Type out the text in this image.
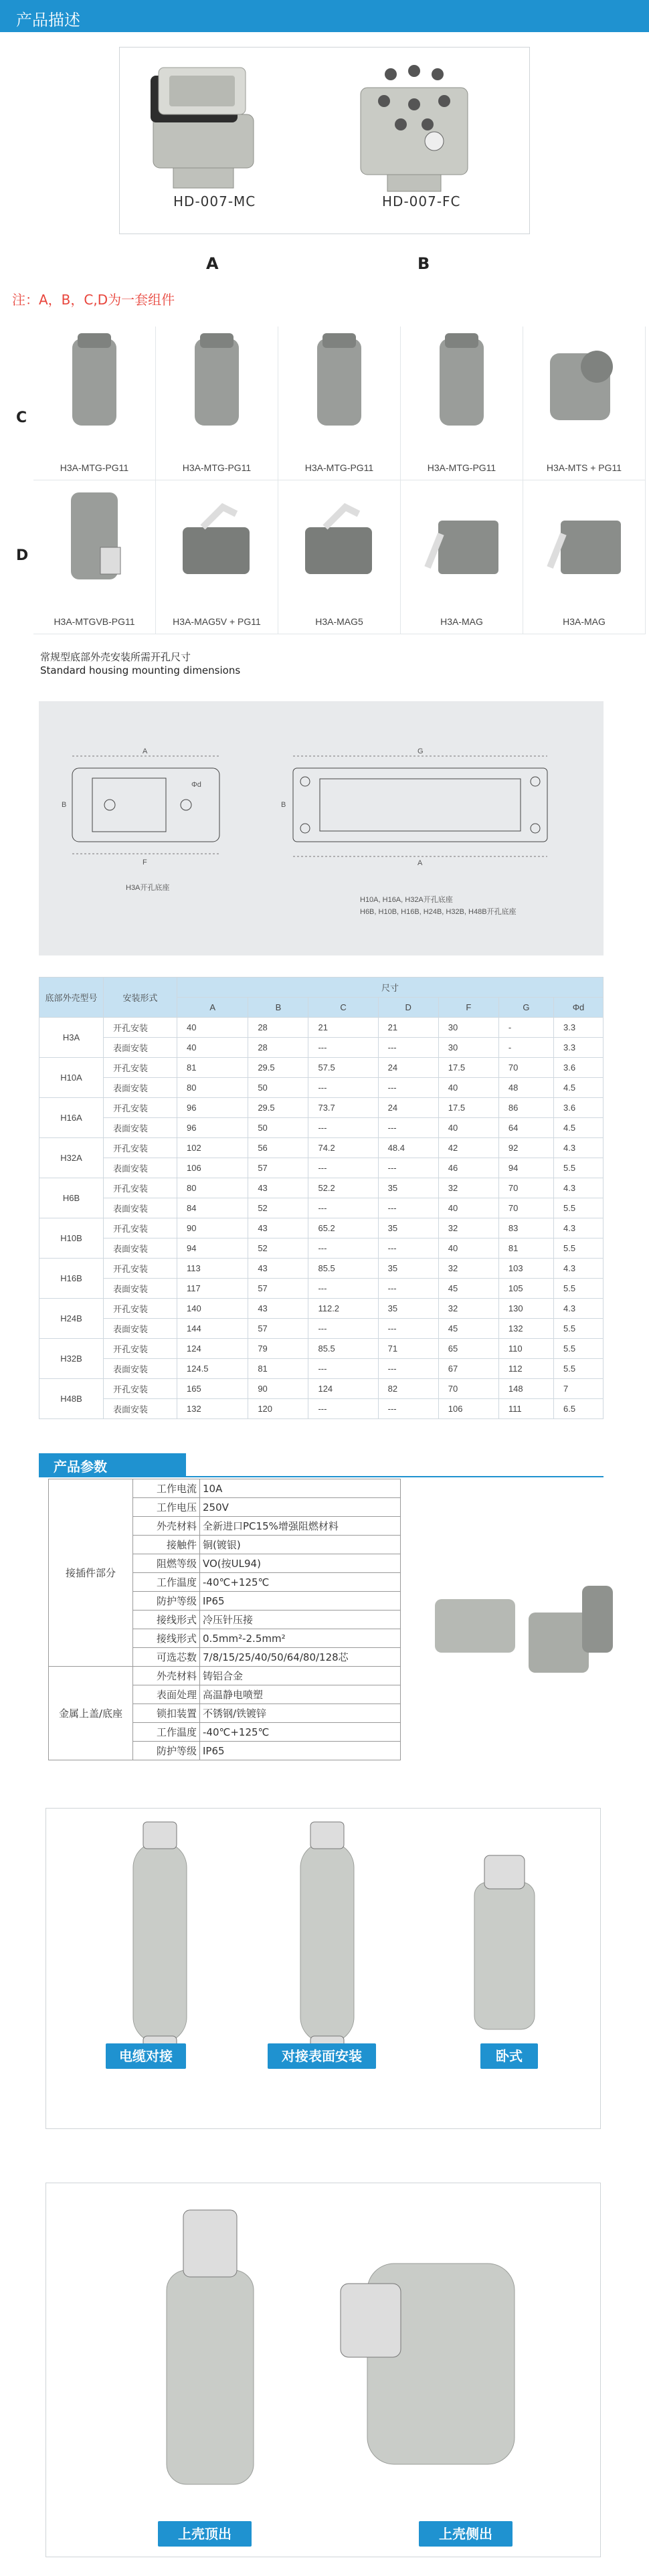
产品描述
HD-007-MC	HD-007-FC
A	B
注：A，B，C,D为一套组件
C
D
H3A-MTG-PG11	H3A-MTG-PG11	H3A-MTG-PG11	H3A-MTG-PG11	H3A-MTS + PG11
H3A-MTGVB-PG11	H3A-MAG5V + PG11	H3A-MAG5	H3A-MAG	H3A-MAG
常规型底部外壳安装所需开孔尺寸
Standard housing mounting dimensions
A
F
B
Φd
G
A
B
H3A开孔底座
H10A, H16A, H32A开孔底座
H6B, H10B, H16B, H24B, H32B, H48B开孔底座
底部外壳型号	安装形式	尺寸						
		A	B	C	D	F	G	Φd
H3A	开孔安装	40	28	21	21	30	-	3.3
	表面安装	40	28	---	---	30	-	3.3
H10A	开孔安装	81	29.5	57.5	24	17.5	70	3.6
	表面安装	80	50	---	---	40	48	4.5
H16A	开孔安装	96	29.5	73.7	24	17.5	86	3.6
	表面安装	96	50	---	---	40	64	4.5
H32A	开孔安装	102	56	74.2	48.4	42	92	4.3
	表面安装	106	57	---	---	46	94	5.5
H6B	开孔安装	80	43	52.2	35	32	70	4.3
	表面安装	84	52	---	---	40	70	5.5
H10B	开孔安装	90	43	65.2	35	32	83	4.3
	表面安装	94	52	---	---	40	81	5.5
H16B	开孔安装	113	43	85.5	35	32	103	4.3
	表面安装	117	57	---	---	45	105	5.5
H24B	开孔安装	140	43	112.2	35	32	130	4.3
	表面安装	144	57	---	---	45	132	5.5
H32B	开孔安装	124	79	85.5	71	65	110	5.5
	表面安装	124.5	81	---	---	67	112	5.5
H48B	开孔安装	165	90	124	82	70	148	7
	表面安装	132	120	---	---	106	111	6.5
产品参数
接插件部分	工作电流	10A
	工作电压	250V
	外壳材料	全新进口PC15%增强阻燃材料
	接触件	铜(镀银)
	阻燃等级	VO(按UL94)
	工作温度	-40℃+125℃
	防护等级	IP65
	接线形式	冷压针压接
	接线形式	0.5mm²-2.5mm²
	可选芯数	7/8/15/25/40/50/64/80/128芯
金属上盖/底座	外壳材料	铸铝合金
	表面处理	高温静电喷塑
	锁扣装置	不锈钢/铁镀锌
	工作温度	-40℃+125℃
	防护等级	IP65
电缆对接	对接表面安装	卧式
上壳顶出	上壳侧出
